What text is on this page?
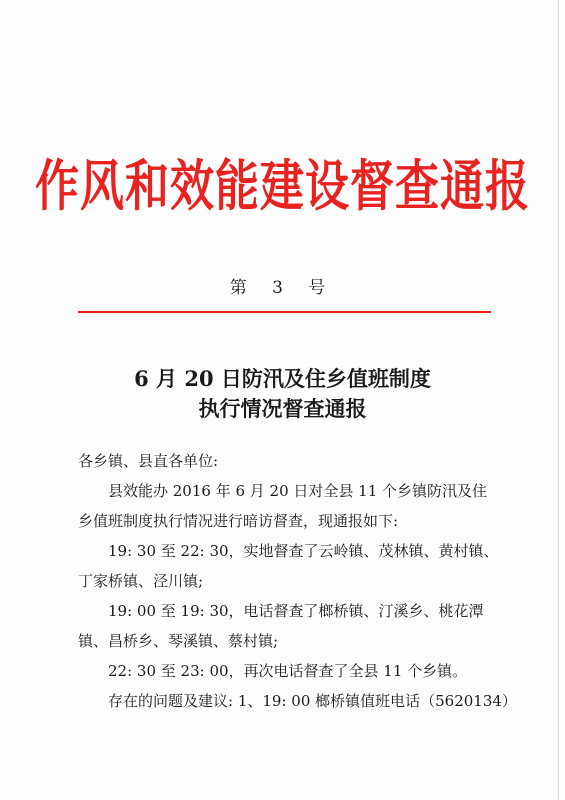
作风和效能建设督查通报
第 3 号
6 月 20 日防汛及住乡值班制度
执行情况督查通报
各乡镇、县直各单位:
县效能办 2016 年 6 月 20 日对全县 11 个乡镇防汛及住
乡值班制度执行情况进行暗访督查，现通报如下:
19: 30 至 22: 30，实地督查了云岭镇、茂林镇、黄村镇、
丁家桥镇、泾川镇;
19: 00 至 19: 30，电话督查了榔桥镇、汀溪乡、桃花潭
镇、昌桥乡、琴溪镇、蔡村镇;
22: 30 至 23: 00，再次电话督查了全县 11 个乡镇。
存在的问题及建议: 1、19: 00 榔桥镇值班电话（5620134）
